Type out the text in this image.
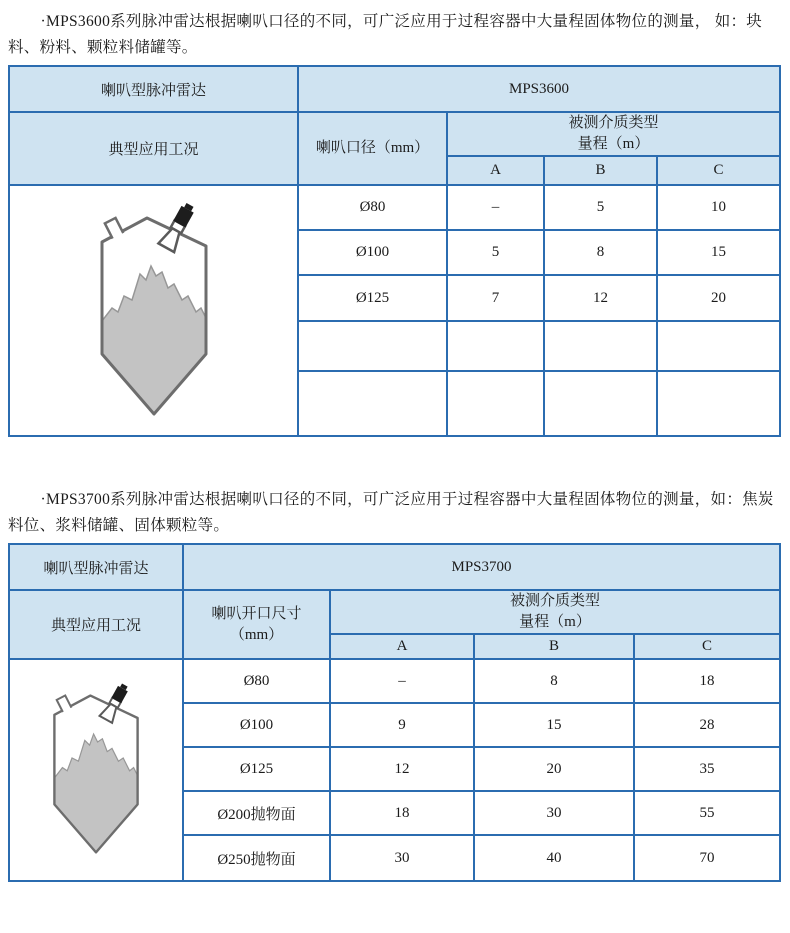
·MPS3600系列脉冲雷达根据喇叭口径的不同，可广泛应用于过程容器中大量程固体物位的测量， 如：块料、粉料、颗粒料储罐等。

喇叭型脉冲雷达	MPS3600			
典型应用工况	喇叭口径（mm）	被测介质类型
量程（m）		

		A	B	C

	Ø80	–	5	10
	Ø100	5	8	15
	Ø125	7	12	20

·MPS3700系列脉冲雷达根据喇叭口径的不同，可广泛应用于过程容器中大量程固体物位的测量，如：焦炭料位、浆料储罐、固体颗粒等。

喇叭型脉冲雷达	MPS3700			
典型应用工况	喇叭开口尺寸
（mm）	被测介质类型
量程（m）		

		A	B	C

	Ø80	–	8	18
	Ø100	9	15	28
	Ø125	12	20	35
	Ø200抛物面	18	30	55
	Ø250抛物面	30	40	70
